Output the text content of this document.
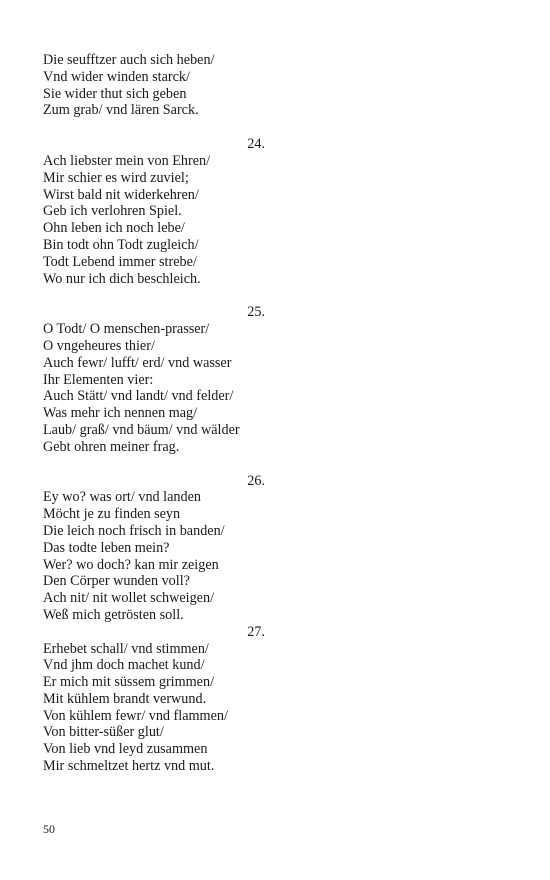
Die seufftzer auch sich heben/
Vnd wider winden starck/
Sie wider thut sich geben
Zum grab/ vnd lären Sarck.
24.
Ach liebster mein von Ehren/
Mir schier es wird zuviel;
Wirst bald nit widerkehren/
Geb ich verlohren Spiel.
Ohn leben ich noch lebe/
Bin todt ohn Todt zugleich/
Todt Lebend immer strebe/
Wo nur ich dich beschleich.
25.
O Todt/ O menschen-prasser/
O vngeheures thier/
Auch fewr/ lufft/ erd/ vnd wasser
Ihr Elementen vier:
Auch Stätt/ vnd landt/ vnd felder/
Was mehr ich nennen mag/
Laub/ graß/ vnd bäum/ vnd wälder
Gebt ohren meiner frag.
26.
Ey wo? was ort/ vnd landen
Möcht je zu finden seyn
Die leich noch frisch in banden/
Das todte leben mein?
Wer? wo doch? kan mir zeigen
Den Cörper wunden voll?
Ach nit/ nit wollet schweigen/
Weß mich getrösten soll.
27.
Erhebet schall/ vnd stimmen/
Vnd jhm doch machet kund/
Er mich mit süssem grimmen/
Mit kühlem brandt verwund.
Von kühlem fewr/ vnd flammen/
Von bitter-süßer glut/
Von lieb vnd leyd zusammen
Mir schmeltzet hertz vnd mut.
50
